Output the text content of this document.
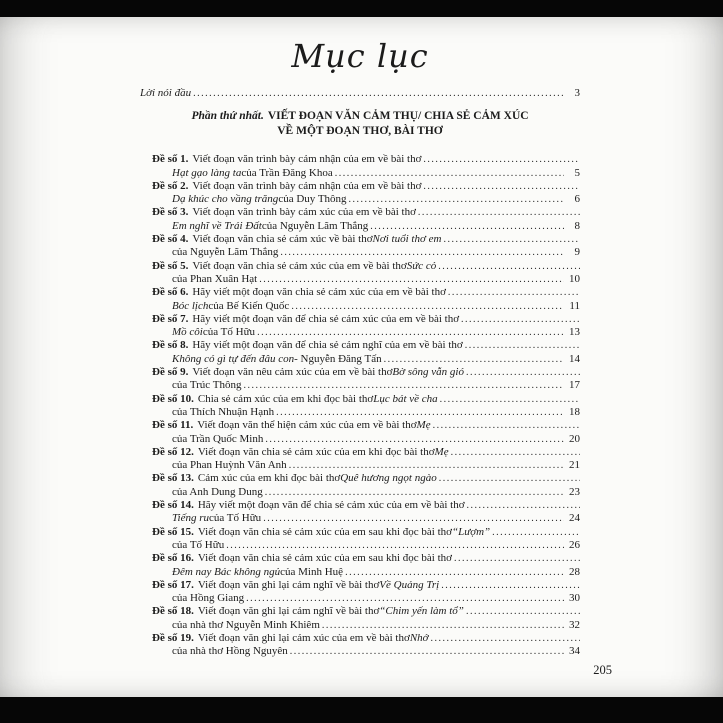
Mục lục
Lời nói đầu .....	3
Phần thứ nhất. VIẾT ĐOẠN VĂN CẢM THỤ/ CHIA SẺ CẢM XÚC
VỀ MỘT ĐOẠN THƠ, BÀI THƠ
Đề số 1. Viết đoạn văn trình bày cảm nhận của em về bài thơ
.....
Hạt gạo làng ta của Trần Đăng Khoa .....	5
Đề số 2. Viết đoạn văn trình bày cảm nhận của em về bài thơ
.....
Dạ khúc cho vầng trăng của Duy Thông .....	6
Đề số 3. Viết đoạn văn trình bày cảm xúc của em về bài thơ
.....
Em nghĩ về Trái Đất của Nguyễn Lãm Thắng .....	8
Đề số 4. Viết đoạn văn chia sẻ cảm xúc về bài thơ Nơi tuổi thơ em
.....
của Nguyễn Lãm Thắng .....	9
Đề số 5. Viết đoạn văn chia sẻ cảm xúc của em về bài thơ Sức cỏ
.....
của Phan Xuân Hạt .....	10
Đề số 6. Hãy viết một đoạn văn chia sẻ cảm xúc của em về bài thơ
.....
Bóc lịch của Bế Kiến Quốc .....	11
Đề số 7. Hãy viết một đoạn văn để chia sẻ cảm xúc của em về bài thơ
.....
Mồ côi của Tố Hữu .....	13
Đề số 8. Hãy viết một đoạn văn để chia sẻ cảm nghĩ của em về bài thơ
.....
Không có gì tự đến đâu con - Nguyễn Đăng Tấn .....	14
Đề số 9. Viết đoạn văn nêu cảm xúc của em về bài thơ Bờ sông vẫn gió
.....
của Trúc Thông .....	17
Đề số 10. Chia sẻ cảm xúc của em khi đọc bài thơ Lục bát về cha
.....
của Thích Nhuận Hạnh .....	18
Đề số 11. Viết đoạn văn thể hiện cảm xúc của em về bài thơ Mẹ
.....
của Trần Quốc Minh .....	20
Đề số 12. Viết đoạn văn chia sẻ cảm xúc của em khi đọc bài thơ Mẹ
.....
của Phan Huỳnh Văn Anh .....	21
Đề số 13. Cảm xúc của em khi đọc bài thơ Quê hương ngọt ngào
.....
của Anh Dung Dung .....	23
Đề số 14. Hãy viết một đoạn văn để chia sẻ cảm xúc của em về bài thơ
.....
Tiếng ru của Tố Hữu .....	24
Đề số 15. Viết đoạn văn chia sẻ cảm xúc của em sau khi đọc bài thơ “Lượm”
.....
của Tố Hữu .....	26
Đề số 16. Viết đoạn văn chia sẻ cảm xúc của em sau khi đọc bài thơ
.....
Đêm nay Bác không ngủ của Minh Huệ .....	28
Đề số 17. Viết đoạn văn ghi lại cảm nghĩ về bài thơ Về Quảng Trị
.....
của Hồng Giang .....	30
Đề số 18. Viết đoạn văn ghi lại cảm nghĩ về bài thơ “Chim yến làm tổ”
.....
của nhà thơ Nguyễn Minh Khiêm .....	32
Đề số 19. Viết đoạn văn ghi lại cảm xúc của em về bài thơ Nhớ
.....
của nhà thơ Hồng Nguyên .....	34
205
